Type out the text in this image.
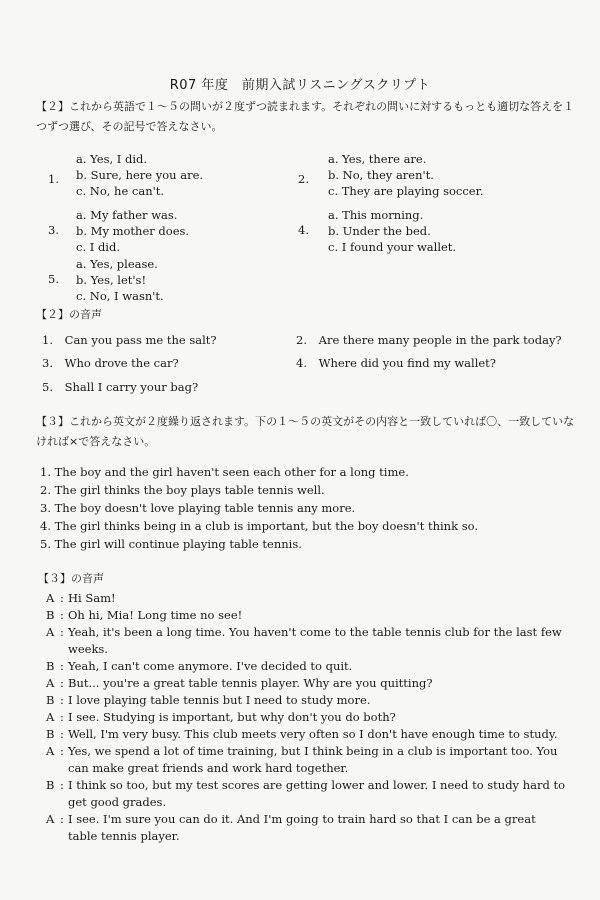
R07 年度　前期入試リスニングスクリプト
【２】これから英語で１～５の問いが２度ずつ読まれます。それぞれの問いに対するもっとも適切な答えを１つずつ選び、その記号で答えなさい。
1.
a. Yes, I did.
b. Sure, here you are.
c. No, he can't.
2.
a. Yes, there are.
b. No, they aren't.
c. They are playing soccer.
3.
a. My father was.
b. My mother does.
c. I did.
4.
a. This morning.
b. Under the bed.
c. I found your wallet.
5.
a. Yes, please.
b. Yes, let's!
c. No, I wasn't.
【２】の音声
1. Can you pass me the salt?	2. Are there many people in the park today?
3. Who drove the car?	4. Where did you find my wallet?
5. Shall I carry your bag?
【３】これから英文が２度繰り返されます。下の１～５の英文がその内容と一致していれば〇、一致していなければ×で答えなさい。
1. The boy and the girl haven't seen each other for a long time.
2. The girl thinks the boy plays table tennis well.
3. The boy doesn't love playing table tennis any more.
4. The girl thinks being in a club is important, but the boy doesn't think so.
5. The girl will continue playing table tennis.
【３】の音声
A : Hi Sam!
B : Oh hi, Mia! Long time no see!
A : Yeah, it's been a long time. You haven't come to the table tennis club for the last few weeks.
B : Yeah, I can't come anymore. I've decided to quit.
A : But... you're a great table tennis player. Why are you quitting?
B : I love playing table tennis but I need to study more.
A : I see. Studying is important, but why don't you do both?
B : Well, I'm very busy. This club meets very often so I don't have enough time to study.
A : Yes, we spend a lot of time training, but I think being in a club is important too. You can make great friends and work hard together.
B : I think so too, but my test scores are getting lower and lower. I need to study hard to get good grades.
A : I see. I'm sure you can do it. And I'm going to train hard so that I can be a great table tennis player.
